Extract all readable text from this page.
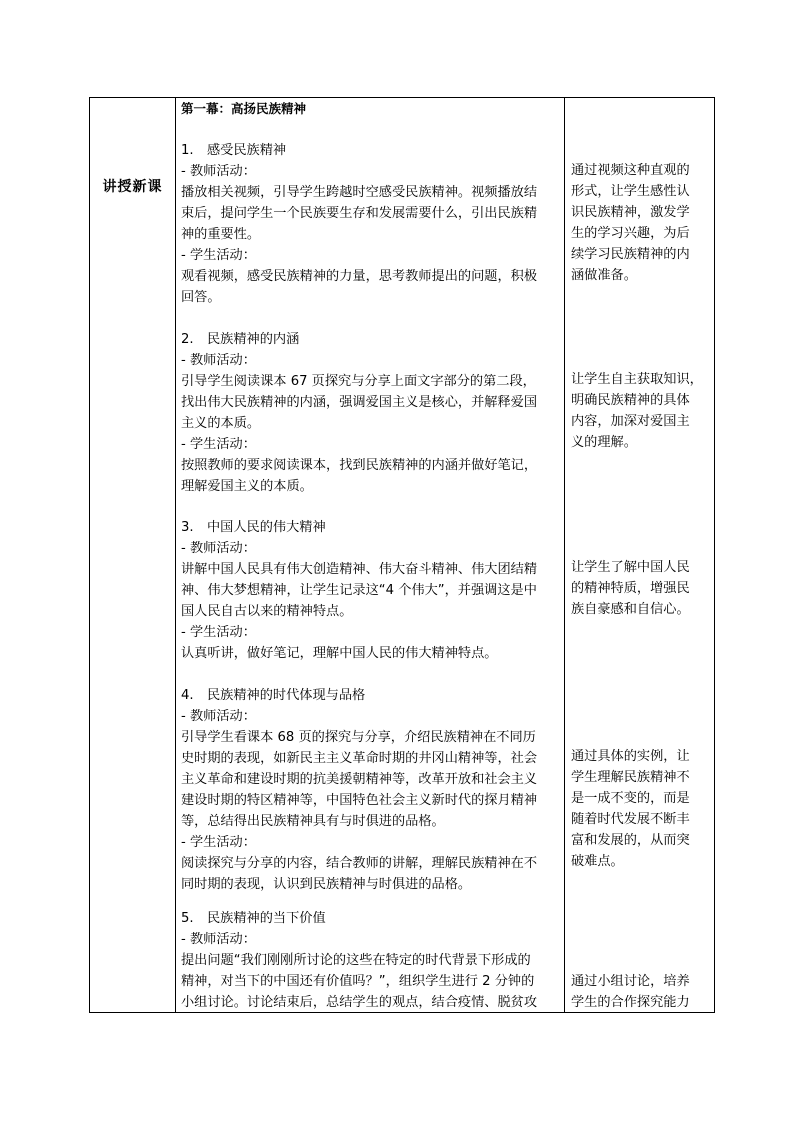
讲授新课

第一幕：高扬民族精神
1. 感受民族精神
- 教师活动：
播放相关视频，引导学生跨越时空感受民族精神。视频播放结
束后，提问学生一个民族要生存和发展需要什么，引出民族精
神的重要性。
- 学生活动：
观看视频，感受民族精神的力量，思考教师提出的问题，积极
回答。
2. 民族精神的内涵
- 教师活动：
引导学生阅读课本 67 页探究与分享上面文字部分的第二段，
找出伟大民族精神的内涵，强调爱国主义是核心，并解释爱国
主义的本质。
- 学生活动：
按照教师的要求阅读课本，找到民族精神的内涵并做好笔记，
理解爱国主义的本质。
3. 中国人民的伟大精神
- 教师活动：
讲解中国人民具有伟大创造精神、伟大奋斗精神、伟大团结精
神、伟大梦想精神，让学生记录这“4 个伟大”，并强调这是中
国人民自古以来的精神特点。
- 学生活动：
认真听讲，做好笔记，理解中国人民的伟大精神特点。
4. 民族精神的时代体现与品格
- 教师活动：
引导学生看课本 68 页的探究与分享，介绍民族精神在不同历
史时期的表现，如新民主主义革命时期的井冈山精神等，社会
主义革命和建设时期的抗美援朝精神等，改革开放和社会主义
建设时期的特区精神等，中国特色社会主义新时代的探月精神
等，总结得出民族精神具有与时俱进的品格。
- 学生活动：
阅读探究与分享的内容，结合教师的讲解，理解民族精神在不
同时期的表现，认识到民族精神与时俱进的品格。
5. 民族精神的当下价值
- 教师活动：
提出问题“我们刚刚所讨论的这些在特定的时代背景下形成的
精神，对当下的中国还有价值吗？”，组织学生进行 2 分钟的
小组讨论。讨论结束后，总结学生的观点，结合疫情、脱贫攻

通过视频这种直观的
形式，让学生感性认
识民族精神，激发学
生的学习兴趣，为后
续学习民族精神的内
涵做准备。
让学生自主获取知识，
明确民族精神的具体
内容，加深对爱国主
义的理解。
让学生了解中国人民
的精神特质，增强民
族自豪感和自信心。
通过具体的实例，让
学生理解民族精神不
是一成不变的，而是
随着时代发展不断丰
富和发展的，从而突
破难点。
通过小组讨论，培养
学生的合作探究能力
